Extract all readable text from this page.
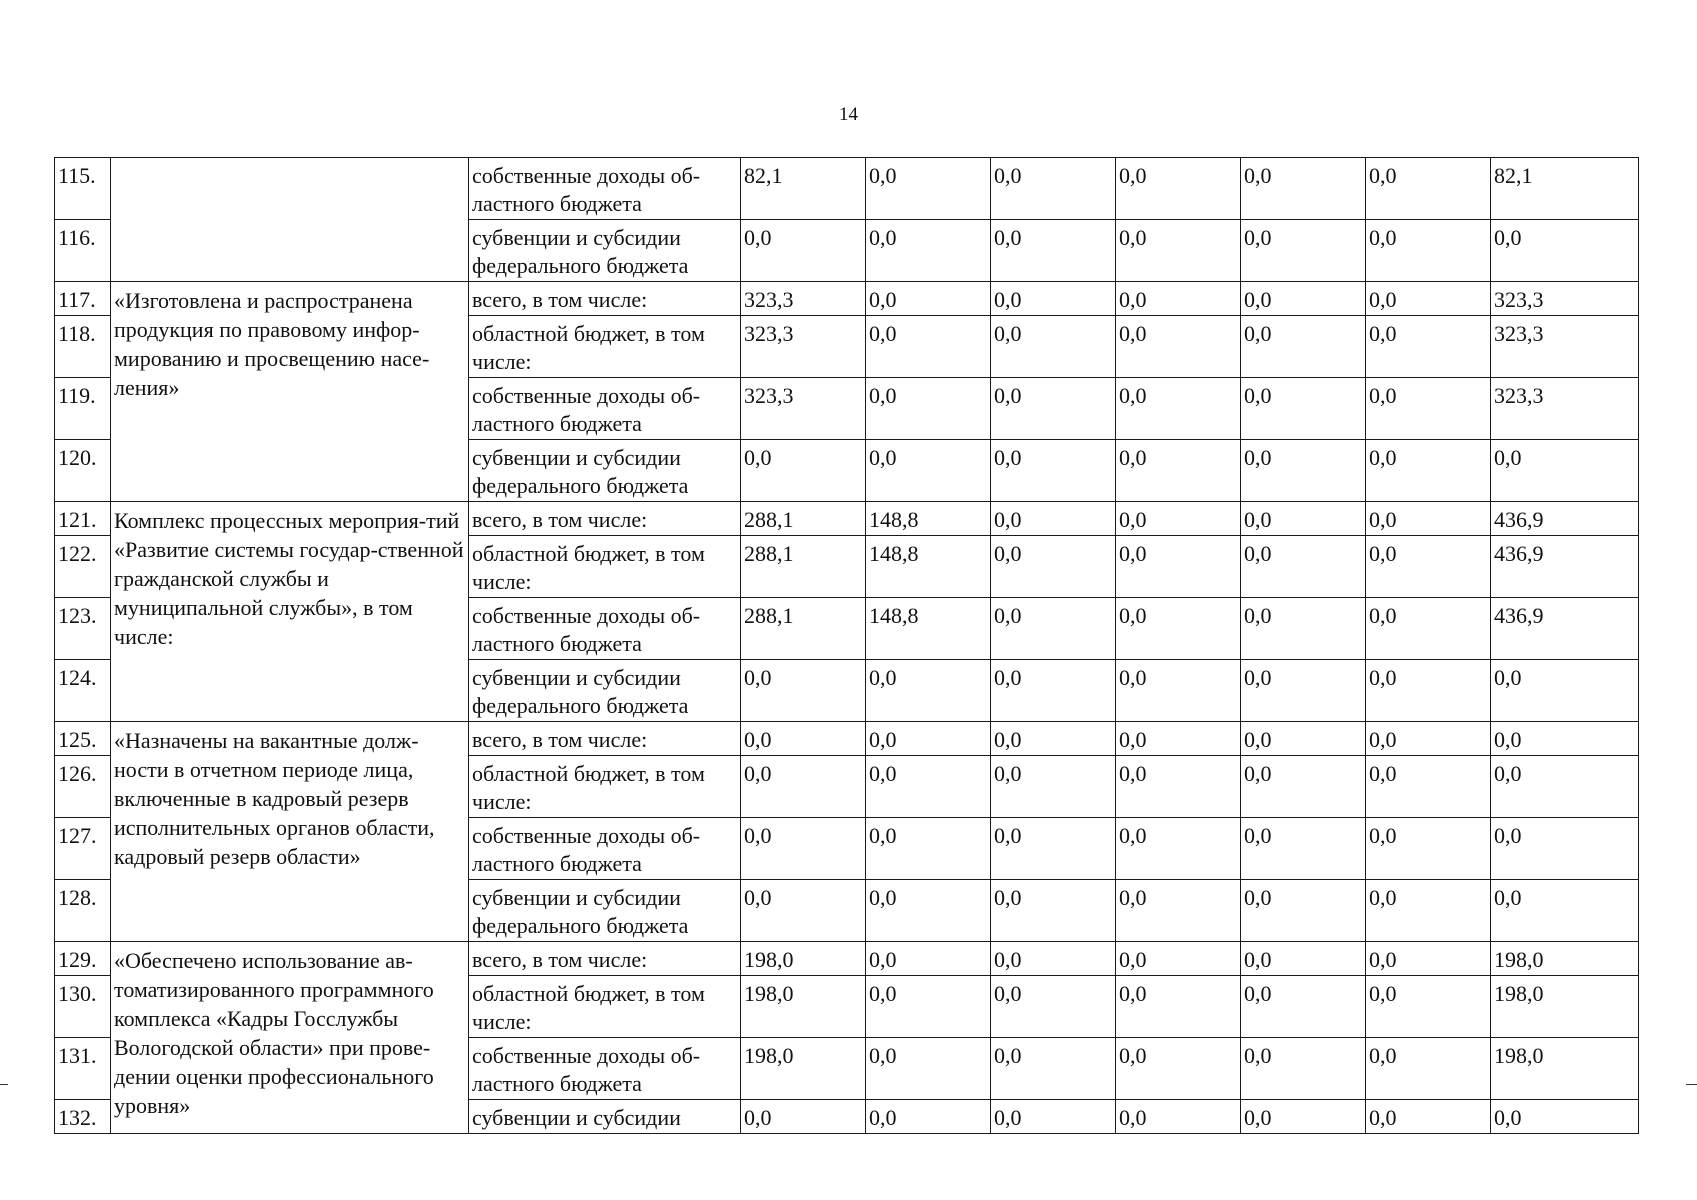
14
115.		собственные доходы об-ластного бюджета	82,1	0,0	0,0	0,0	0,0	0,0	82,1
116.		субвенции и субсидии федерального бюджета	0,0	0,0	0,0	0,0	0,0	0,0	0,0
117.	«Изготовлена и распространена продукция по правовому инфор-мированию и просвещению насе-ления»	всего, в том числе:	323,3	0,0	0,0	0,0	0,0	0,0	323,3
118.		областной бюджет, в том числе:	323,3	0,0	0,0	0,0	0,0	0,0	323,3
119.		собственные доходы об-ластного бюджета	323,3	0,0	0,0	0,0	0,0	0,0	323,3
120.		субвенции и субсидии федерального бюджета	0,0	0,0	0,0	0,0	0,0	0,0	0,0
121.	Комплекс процессных мероприя-тий «Развитие системы государ-ственной гражданской службы и муниципальной службы», в том числе:	всего, в том числе:	288,1	148,8	0,0	0,0	0,0	0,0	436,9
122.		областной бюджет, в том числе:	288,1	148,8	0,0	0,0	0,0	0,0	436,9
123.		собственные доходы об-ластного бюджета	288,1	148,8	0,0	0,0	0,0	0,0	436,9
124.		субвенции и субсидии федерального бюджета	0,0	0,0	0,0	0,0	0,0	0,0	0,0
125.	«Назначены на вакантные долж-ности в отчетном периоде лица, включенные в кадровый резерв исполнительных органов области, кадровый резерв области»	всего, в том числе:	0,0	0,0	0,0	0,0	0,0	0,0	0,0
126.		областной бюджет, в том числе:	0,0	0,0	0,0	0,0	0,0	0,0	0,0
127.		собственные доходы об-ластного бюджета	0,0	0,0	0,0	0,0	0,0	0,0	0,0
128.		субвенции и субсидии федерального бюджета	0,0	0,0	0,0	0,0	0,0	0,0	0,0
129.	«Обеспечено использование ав-томатизированного программного комплекса «Кадры Госслужбы Вологодской области» при прове-дении оценки профессионального уровня»	всего, в том числе:	198,0	0,0	0,0	0,0	0,0	0,0	198,0
130.		областной бюджет, в том числе:	198,0	0,0	0,0	0,0	0,0	0,0	198,0
131.		собственные доходы об-ластного бюджета	198,0	0,0	0,0	0,0	0,0	0,0	198,0
132.		субвенции и субсидии	0,0	0,0	0,0	0,0	0,0	0,0	0,0
